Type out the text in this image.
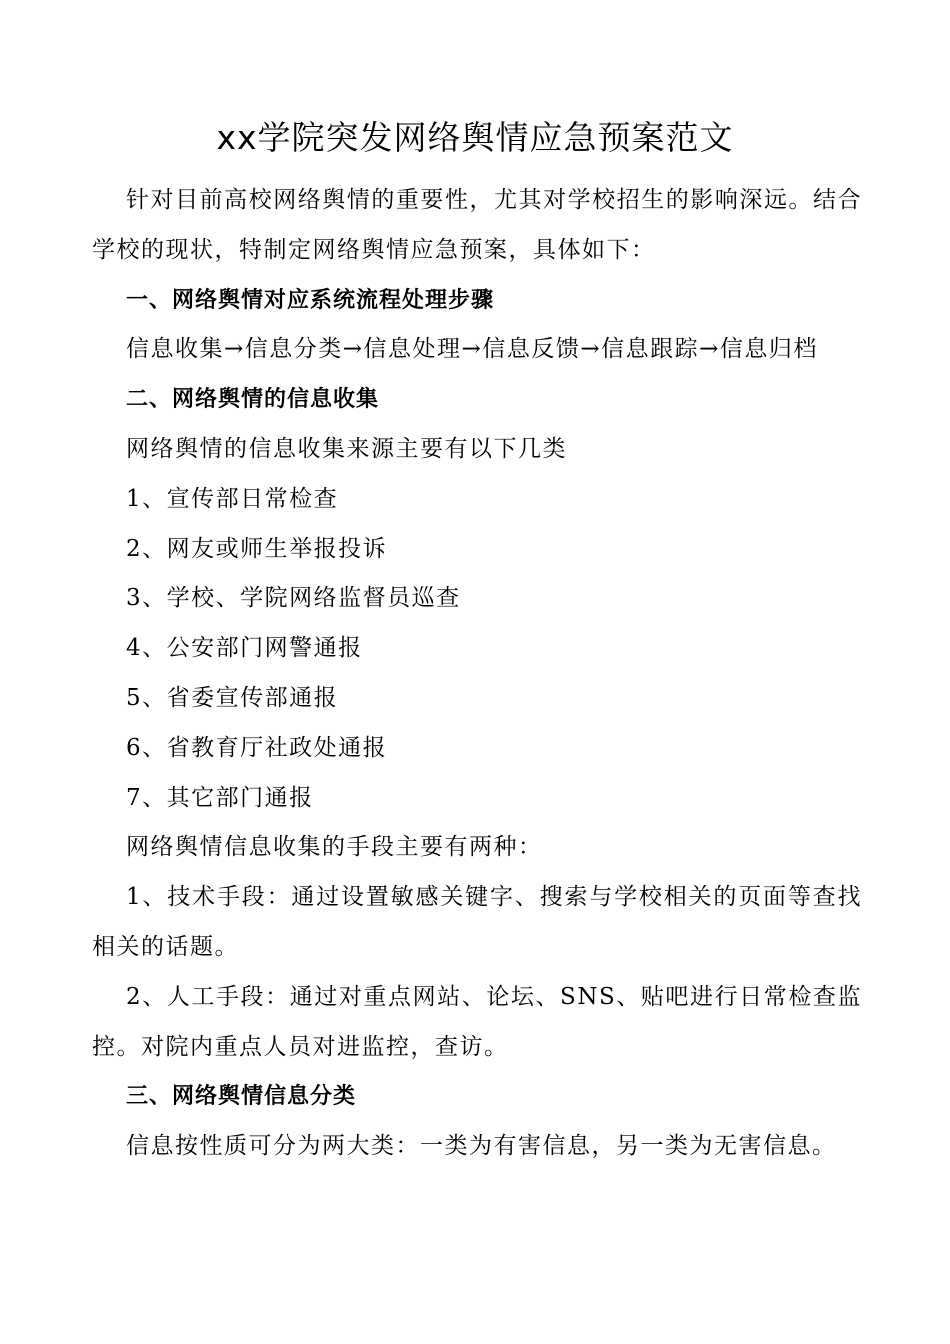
xx学院突发网络舆情应急预案范文

针对目前高校网络舆情的重要性，尤其对学校招生的影响深远。结合学校的现状，特制定网络舆情应急预案，具体如下：

一、网络舆情对应系统流程处理步骤

信息收集→信息分类→信息处理→信息反馈→信息跟踪→信息归档

二、网络舆情的信息收集

网络舆情的信息收集来源主要有以下几类

1、宣传部日常检查

2、网友或师生举报投诉

3、学校、学院网络监督员巡查

4、公安部门网警通报

5、省委宣传部通报

6、省教育厅社政处通报

7、其它部门通报

网络舆情信息收集的手段主要有两种：

1、技术手段：通过设置敏感关键字、搜索与学校相关的页面等查找相关的话题。

2、人工手段：通过对重点网站、论坛、SNS、贴吧进行日常检查监控。对院内重点人员对进监控，查访。

三、网络舆情信息分类

信息按性质可分为两大类：一类为有害信息，另一类为无害信息。
